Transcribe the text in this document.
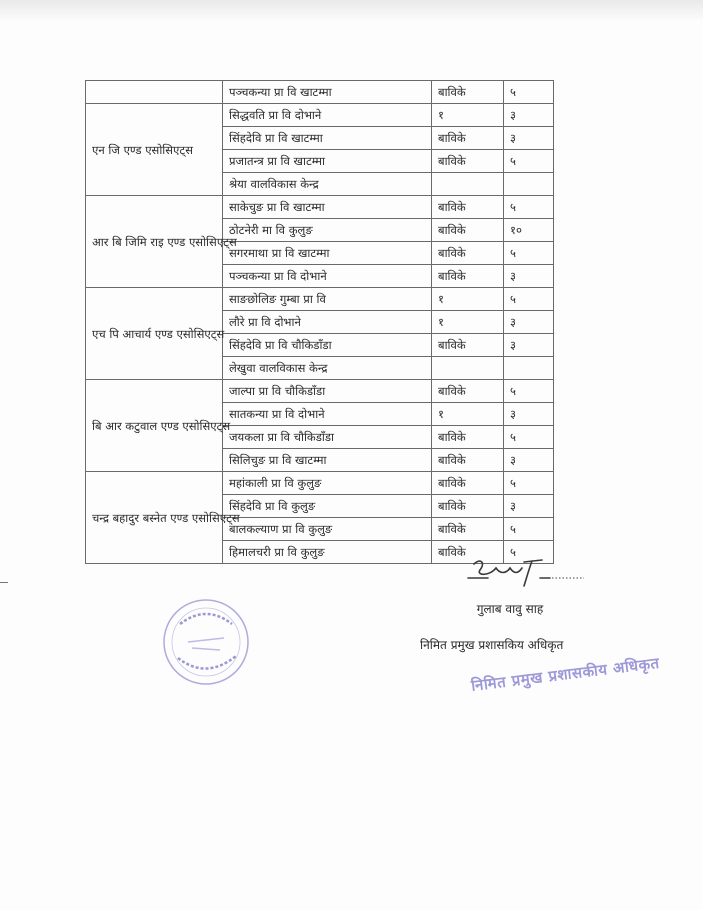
	पञ्चकन्या प्रा वि खाटम्मा	बाविके	५

एन जि एण्ड एसोसिएट्स	सिद्धवति प्रा वि दोभाने	१	३
	सिंहदेवि प्रा वि खाटम्मा	बाविके	३
	प्रजातन्त्र प्रा वि खाटम्मा	बाविके	५
	श्रेया वालविकास केन्द्र		

आर बि जिमि राइ एण्ड एसोसिएट्स	साकेचुङ प्रा वि खाटम्मा	बाविके	५
	ठोटनेरी मा वि कुलुङ	बाविके	१०
	सगरमाथा प्रा वि खाटम्मा	बाविके	५
	पञ्चकन्या प्रा वि दोभाने	बाविके	३

एच पि आचार्य एण्ड एसोसिएट्स	साङछोलिङ गुम्बा प्रा वि	१	५
	लौरे प्रा वि दोभाने	१	३
	सिंहदेवि प्रा वि चौकिडाँडा	बाविके	३
	लेखुवा वालविकास केन्द्र		

बि आर कटुवाल एण्ड एसोसिएट्स	जाल्पा प्रा वि चौकिडाँडा	बाविके	५
	सातकन्या प्रा वि दोभाने	१	३
	जयकला प्रा वि चौकिडाँडा	बाविके	५
	सिलिचुङ प्रा वि खाटम्मा	बाविके	३

चन्द्र बहादुर बस्नेत एण्ड एसोसिएट्स	महांकाली प्रा वि कुलुङ	बाविके	५
	सिंहदेवि प्रा वि कुलुङ	बाविके	३
	बालकल्याण प्रा वि कुलुङ	बाविके	५
	हिमालचरी प्रा वि कुलुङ	बाविके	५
गुलाब वावु साह
निमित प्रमुख प्रशासकिय अधिकृत
निमित प्रमुख प्रशासकीय अधिकृत
